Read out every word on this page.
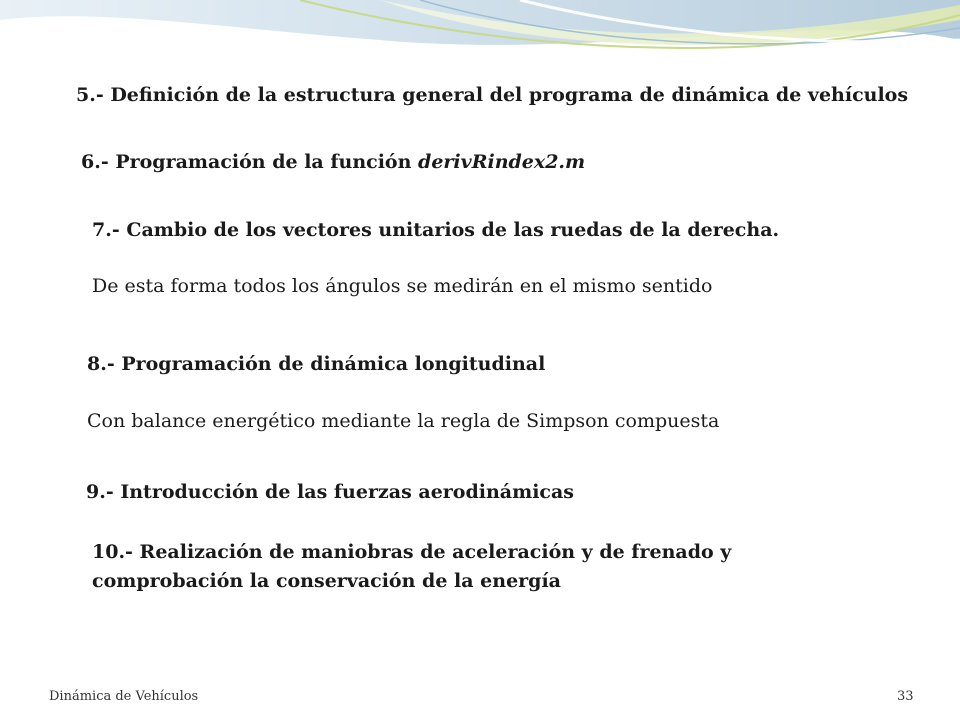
5.- Definición de la estructura general del programa de dinámica de vehículos

6.- Programación de la función derivRindex2.m

7.- Cambio de los vectores unitarios de las ruedas de la derecha.

De esta forma todos los ángulos se medirán en el mismo sentido

8.- Programación de dinámica longitudinal

Con balance energético mediante la regla de Simpson compuesta

9.- Introducción de las fuerzas aerodinámicas

10.- Realización de maniobras de aceleración y de frenado y

comprobación la conservación de la energía

Dinámica de Vehículos	33
